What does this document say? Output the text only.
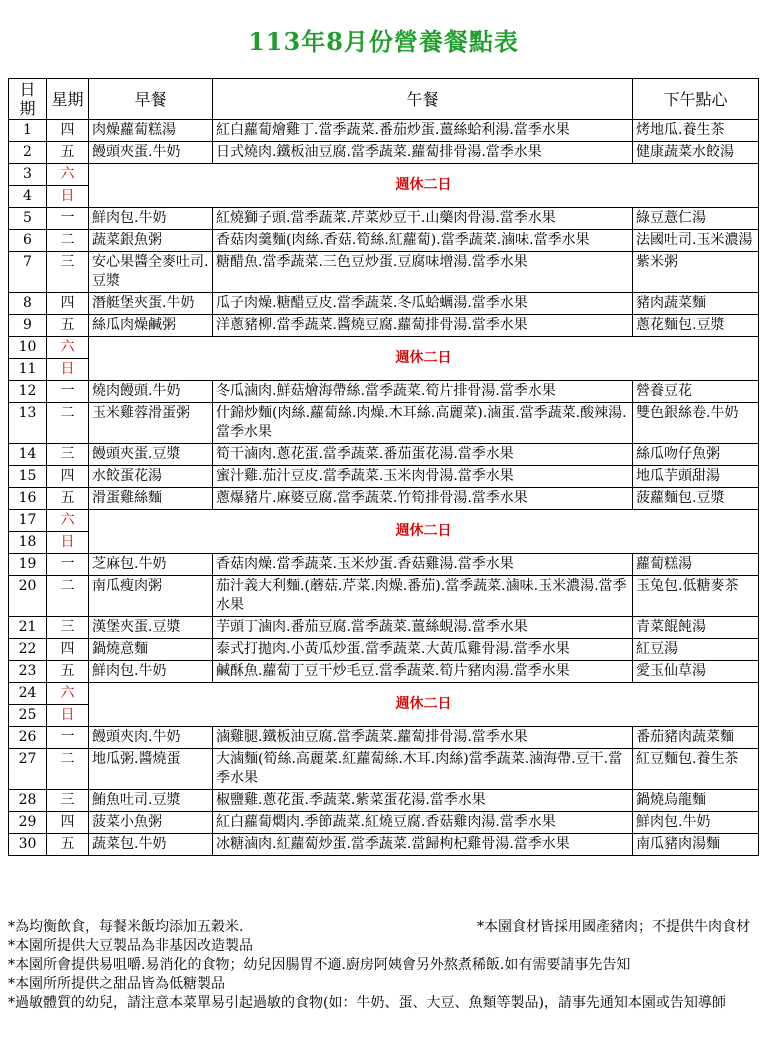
113年8月份營養餐點表
日期	星期	早餐	午餐	下午點心
1	四	肉燥蘿蔔糕湯	紅白蘿蔔燴雞丁.當季蔬菜.番茄炒蛋.薑絲蛤利湯.當季水果	烤地瓜.養生茶
2	五	饅頭夾蛋.牛奶	日式燒肉.鐵板油豆腐.當季蔬菜.蘿蔔排骨湯.當季水果	健康蔬菜水餃湯
3	六	週休二日		
4	日			
5	一	鮮肉包.牛奶	紅燒獅子頭.當季蔬菜.芹菜炒豆干.山藥肉骨湯.當季水果	綠豆薏仁湯
6	二	蔬菜銀魚粥	香菇肉羹麵(肉絲.香菇.筍絲.紅蘿蔔).當季蔬菜.滷味.當季水果	法國吐司.玉米濃湯
7	三	安心果醬全麥吐司.豆漿	糖醋魚.當季蔬菜.三色豆炒蛋.豆腐味增湯.當季水果	紫米粥
8	四	潛艇堡夾蛋.牛奶	瓜子肉燥.糖醋豆皮.當季蔬菜.冬瓜蛤蠣湯.當季水果	豬肉蔬菜麵
9	五	絲瓜肉燥鹹粥	洋蔥豬柳.當季蔬菜.醬燒豆腐.蘿蔔排骨湯.當季水果	蔥花麵包.豆漿
10	六	週休二日		
11	日			
12	一	燒肉饅頭.牛奶	冬瓜滷肉.鮮菇燴海帶絲.當季蔬菜.筍片排骨湯.當季水果	營養豆花
13	二	玉米雞蓉滑蛋粥	什錦炒麵(肉絲.蘿蔔絲.肉燥.木耳絲.高麗菜).滷蛋.當季蔬菜.酸辣湯.當季水果	雙色銀絲卷.牛奶
14	三	饅頭夾蛋.豆漿	筍干滷肉.蔥花蛋.當季蔬菜.番茄蛋花湯.當季水果	絲瓜吻仔魚粥
15	四	水餃蛋花湯	蜜汁雞.茄汁豆皮.當季蔬菜.玉米肉骨湯.當季水果	地瓜芋頭甜湯
16	五	滑蛋雞絲麵	蔥爆豬片.麻婆豆腐.當季蔬菜.竹筍排骨湯.當季水果	菠蘿麵包.豆漿
17	六	週休二日		
18	日			
19	一	芝麻包.牛奶	香菇肉燥.當季蔬菜.玉米炒蛋.香菇雞湯.當季水果	蘿蔔糕湯
20	二	南瓜瘦肉粥	茄汁義大利麵.(蘑菇.芹菜.肉燥.番茄).當季蔬菜.滷味.玉米濃湯.當季水果	玉兔包.低糖麥茶
21	三	漢堡夾蛋.豆漿	芋頭丁滷肉.番茄豆腐.當季蔬菜.薑絲蜆湯.當季水果	青菜餛飩湯
22	四	鍋燒意麵	泰式打拋肉.小黃瓜炒蛋.當季蔬菜.大黃瓜雞骨湯.當季水果	紅豆湯
23	五	鮮肉包.牛奶	鹹酥魚.蘿蔔丁豆干炒毛豆.當季蔬菜.筍片豬肉湯.當季水果	愛玉仙草湯
24	六	週休二日		
25	日			
26	一	饅頭夾肉.牛奶	滷雞腿.鐵板油豆腐.當季蔬菜.蘿蔔排骨湯.當季水果	番茄豬肉蔬菜麵
27	二	地瓜粥.醬燒蛋	大滷麵(筍絲.高麗菜.紅蘿蔔絲.木耳.肉絲)當季蔬菜.滷海帶.豆干.當季水果	紅豆麵包.養生茶
28	三	鮪魚吐司.豆漿	椒鹽雞.蔥花蛋.季蔬菜.紫菜蛋花湯.當季水果	鍋燒烏龍麵
29	四	菠菜小魚粥	紅白蘿蔔燜肉.季節蔬菜.紅燒豆腐.香菇雞肉湯.當季水果	鮮肉包.牛奶
30	五	蔬菜包.牛奶	冰糖滷肉.紅蘿蔔炒蛋.當季蔬菜.當歸枸杞雞骨湯.當季水果	南瓜豬肉湯麵

*為均衡飲食，每餐米飯均添加五穀米.	*本園食材皆採用國產豬肉；不提供牛肉食材

*本園所提供大豆製品為非基因改造製品

*本園所會提供易咀嚼.易消化的食物；幼兒因腸胃不適.廚房阿姨會另外熬煮稀飯.如有需要請事先告知

*本園所所提供之甜品皆為低糖製品

*過敏體質的幼兒，請注意本菜單易引起過敏的食物(如：牛奶、蛋、大豆、魚類等製品)，請事先通知本園或告知導師
